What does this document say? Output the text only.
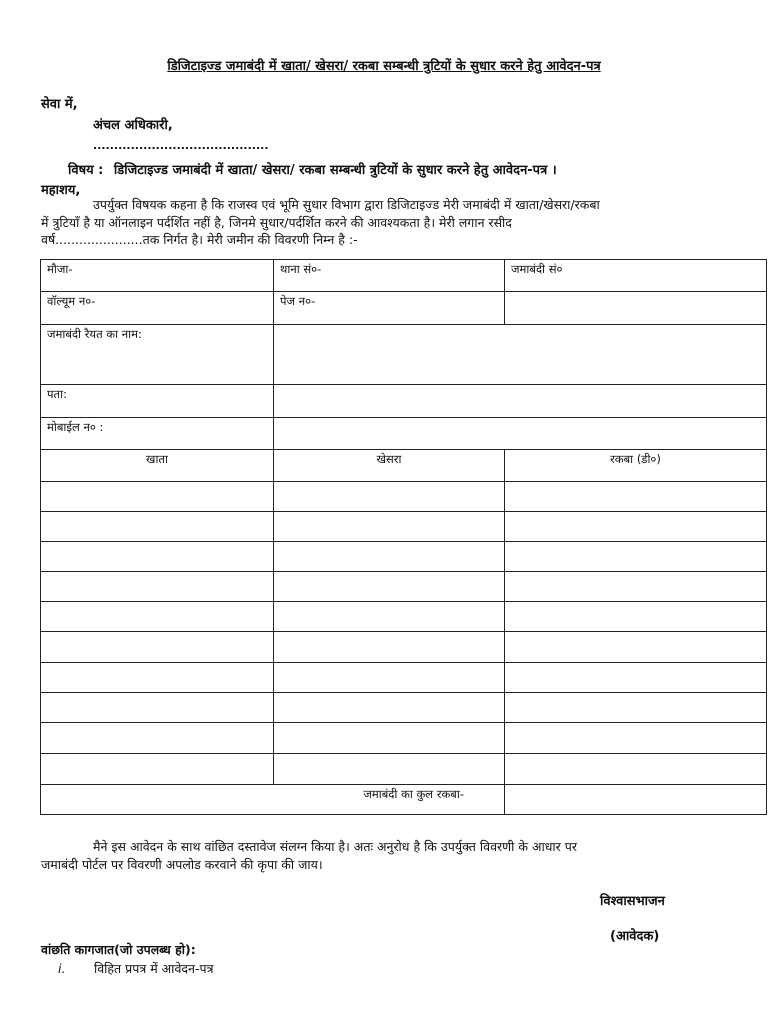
डिजिटाइज्ड जमाबंदी में खाता/ खेसरा/ रकबा सम्बन्धी त्रुटियों के सुधार करने हेतु आवेदन-पत्र
सेवा में,
अंचल अधिकारी,
..........................................
विषय : डिजिटाइज्ड जमाबंदी में खाता/ खेसरा/ रकबा सम्बन्धी त्रुटियों के सुधार करने हेतु आवेदन-पत्र ।
महाशय,
उपर्युक्त विषयक कहना है कि राजस्व एवं भूमि सुधार विभाग द्वारा डिजिटाइज्ड मेरी जमाबंदी में खाता/खेसरा/रकबा
में त्रुटियाँ है या ऑनलाइन पर्दर्शित नहीं है, जिनमे सुधार/पर्दर्शित करने की आवश्यकता है। मेरी लगान रसीद
वर्ष......................तक निर्गत है। मेरी जमीन की विवरणी निम्न है :-
मौजा-	थाना सं०-	जमाबंदी सं०
वॉल्यूम न०-	पेज न०-	
जमाबंदी रैयत का नाम:		
पता:		
मोबाईल न० :		
खाता	खेसरा	रकबा (डी०)

जमाबंदी का कुल रकबा-		
मैने इस आवेदन के साथ वांछित दस्तावेज संलग्न किया है। अतः अनुरोध है कि उपर्युक्त विवरणी के आधार पर
जमाबंदी पोर्टल पर विवरणी अपलोड करवाने की कृपा की जाय।
विश्वासभाजन
(आवेदक)
वांछति कागजात(जो उपलब्ध हो):
i. विहित प्रपत्र में आवेदन-पत्र
